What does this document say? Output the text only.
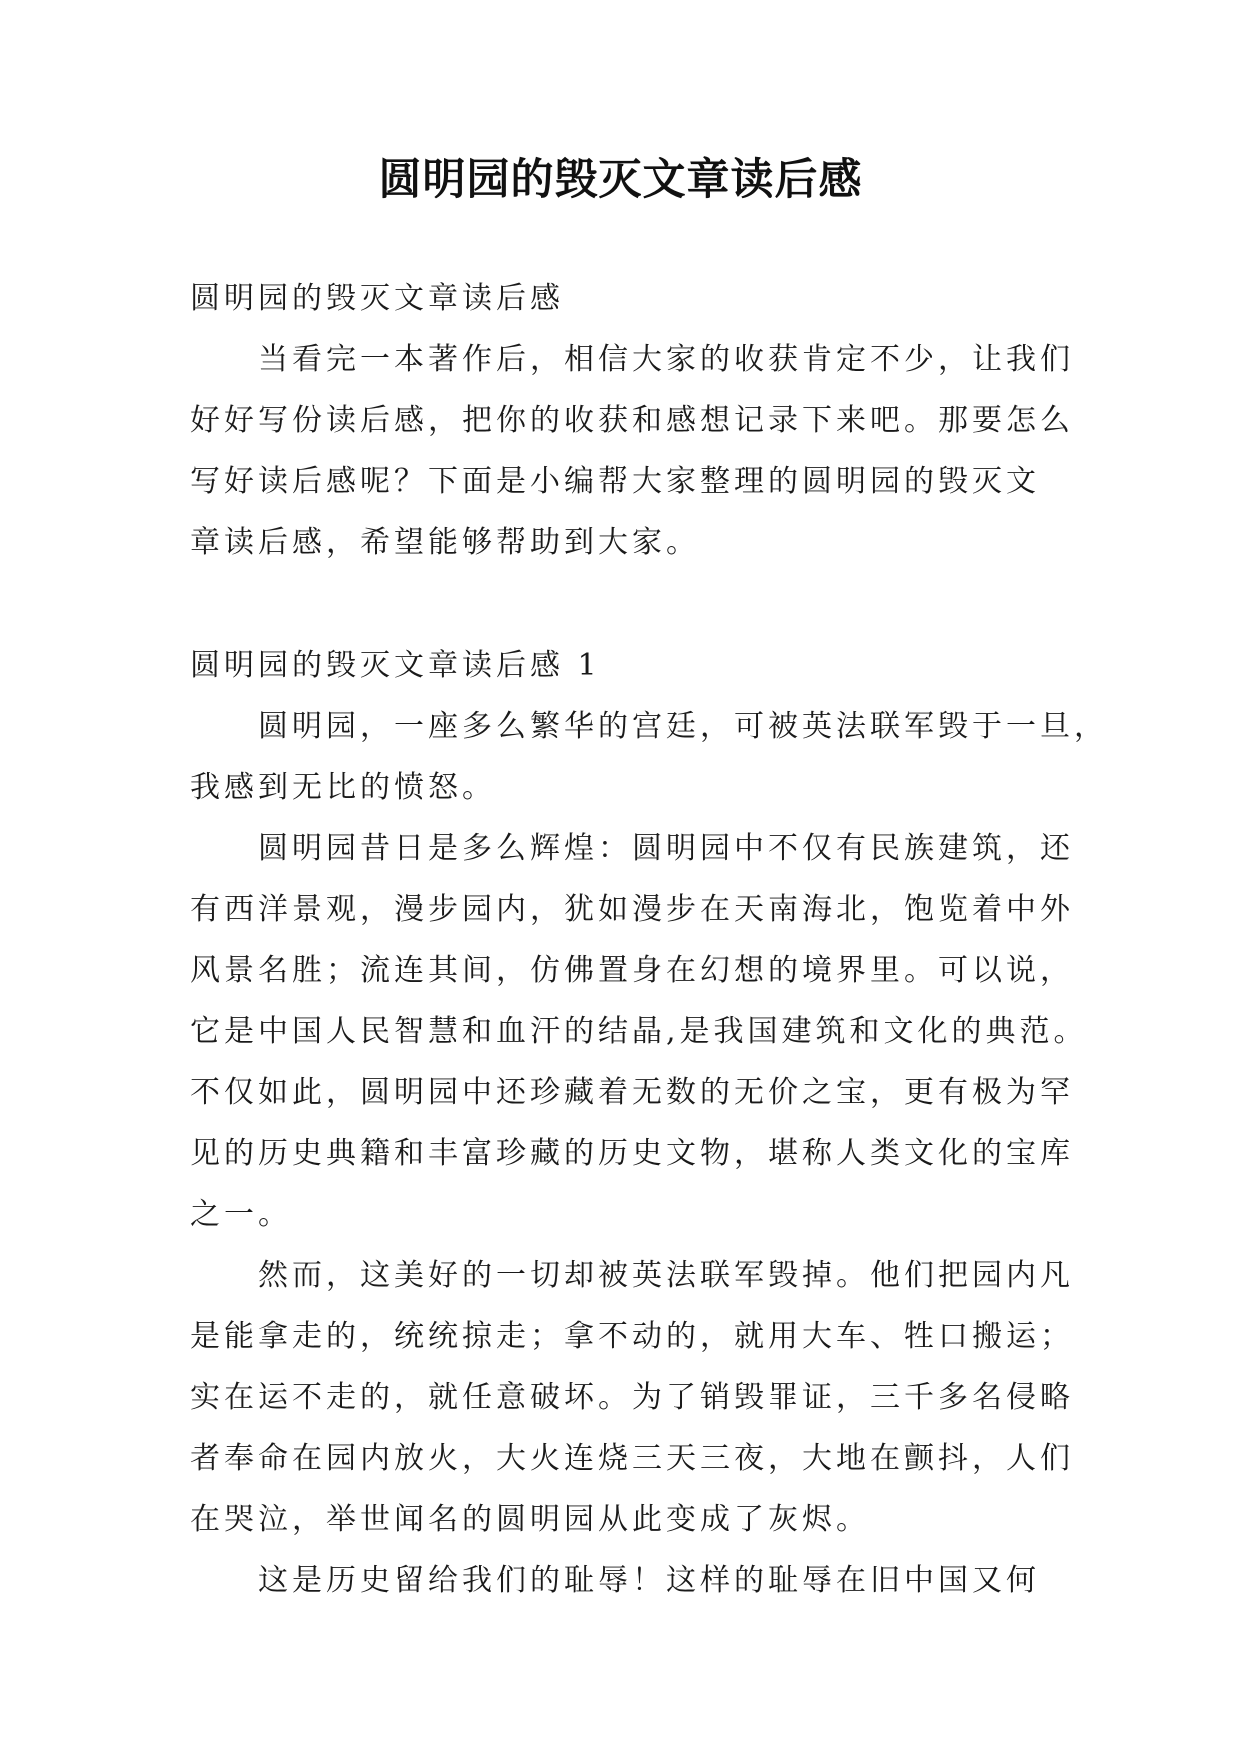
圆明园的毁灭文章读后感

圆明园的毁灭文章读后感

　　当看完一本著作后，相信大家的收获肯定不少，让我们

好好写份读后感，把你的收获和感想记录下来吧。那要怎么

写好读后感呢？下面是小编帮大家整理的圆明园的毁灭文

章读后感，希望能够帮助到大家。

圆明园的毁灭文章读后感 1

　　圆明园，一座多么繁华的宫廷，可被英法联军毁于一旦，

我感到无比的愤怒。

　　圆明园昔日是多么辉煌：圆明园中不仅有民族建筑，还

有西洋景观，漫步园内，犹如漫步在天南海北，饱览着中外

风景名胜；流连其间，仿佛置身在幻想的境界里。可以说，

它是中国人民智慧和血汗的结晶,是我国建筑和文化的典范。

不仅如此，圆明园中还珍藏着无数的无价之宝，更有极为罕

见的历史典籍和丰富珍藏的历史文物，堪称人类文化的宝库

之一。

　　然而，这美好的一切却被英法联军毁掉。他们把园内凡

是能拿走的，统统掠走；拿不动的，就用大车、牲口搬运；

实在运不走的，就任意破坏。为了销毁罪证，三千多名侵略

者奉命在园内放火，大火连烧三天三夜，大地在颤抖，人们

在哭泣，举世闻名的圆明园从此变成了灰烬。

　　这是历史留给我们的耻辱！这样的耻辱在旧中国又何
